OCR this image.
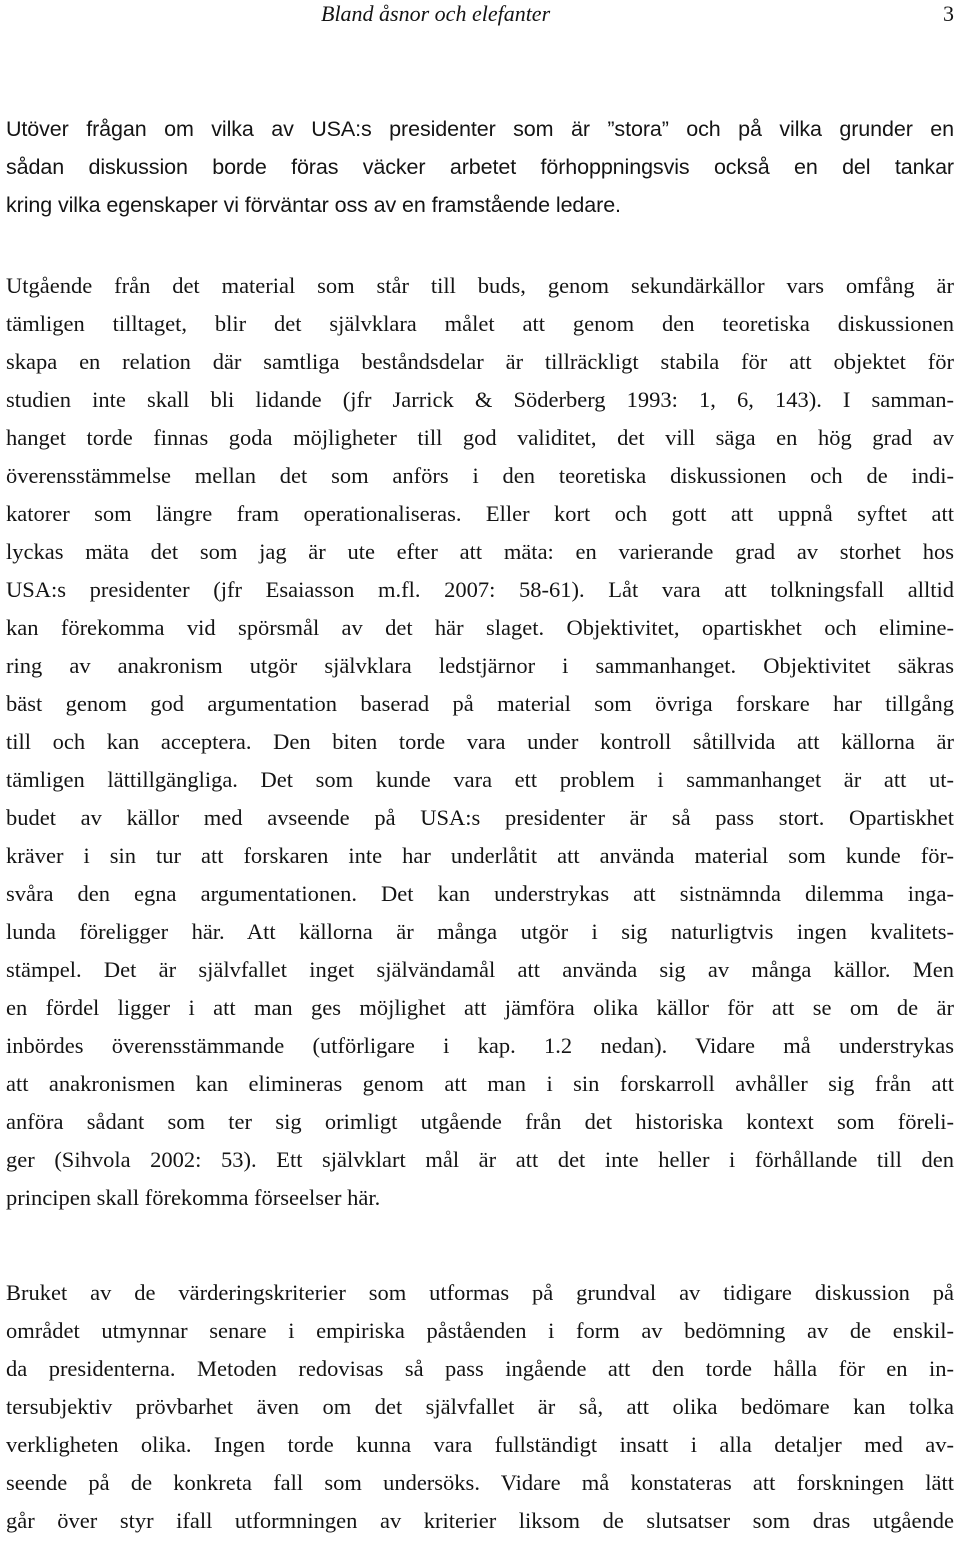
Bland åsnor och elefanter	3
Utöver frågan om vilka av USA:s presidenter som är ”stora” och på vilka grunder en
sådan diskussion borde föras väcker arbetet förhoppningsvis också en del tankar
kring vilka egenskaper vi förväntar oss av en framstående ledare.
Utgående från det material som står till buds, genom sekundärkällor vars omfång är
tämligen tilltaget, blir det självklara målet att genom den teoretiska diskussionen
skapa en relation där samtliga beståndsdelar är tillräckligt stabila för att objektet för
studien inte skall bli lidande (jfr Jarrick & Söderberg 1993: 1, 6, 143). I samman-
hanget torde finnas goda möjligheter till god validitet, det vill säga en hög grad av
överensstämmelse mellan det som anförs i den teoretiska diskussionen och de indi-
katorer som längre fram operationaliseras. Eller kort och gott att uppnå syftet att
lyckas mäta det som jag är ute efter att mäta: en varierande grad av storhet hos
USA:s presidenter (jfr Esaiasson m.fl. 2007: 58-61). Låt vara att tolkningsfall alltid
kan förekomma vid spörsmål av det här slaget. Objektivitet, opartiskhet och elimine-
ring av anakronism utgör självklara ledstjärnor i sammanhanget. Objektivitet säkras
bäst genom god argumentation baserad på material som övriga forskare har tillgång
till och kan acceptera. Den biten torde vara under kontroll såtillvida att källorna är
tämligen lättillgängliga. Det som kunde vara ett problem i sammanhanget är att ut-
budet av källor med avseende på USA:s presidenter är så pass stort. Opartiskhet
kräver i sin tur att forskaren inte har underlåtit att använda material som kunde för-
svåra den egna argumentationen. Det kan understrykas att sistnämnda dilemma inga-
lunda föreligger här. Att källorna är många utgör i sig naturligtvis ingen kvalitets-
stämpel. Det är självfallet inget självändamål att använda sig av många källor. Men
en fördel ligger i att man ges möjlighet att jämföra olika källor för att se om de är
inbördes överensstämmande (utförligare i kap. 1.2 nedan). Vidare må understrykas
att anakronismen kan elimineras genom att man i sin forskarroll avhåller sig från att
anföra sådant som ter sig orimligt utgående från det historiska kontext som föreli-
ger (Sihvola 2002: 53). Ett självklart mål är att det inte heller i förhållande till den
principen skall förekomma förseelser här.
Bruket av de värderingskriterier som utformas på grundval av tidigare diskussion på
området utmynnar senare i empiriska påståenden i form av bedömning av de enskil-
da presidenterna. Metoden redovisas så pass ingående att den torde hålla för en in-
tersubjektiv prövbarhet även om det självfallet är så, att olika bedömare kan tolka
verkligheten olika. Ingen torde kunna vara fullständigt insatt i alla detaljer med av-
seende på de konkreta fall som undersöks. Vidare må konstateras att forskningen lätt
går över styr ifall utformningen av kriterier liksom de slutsatser som dras utgående
